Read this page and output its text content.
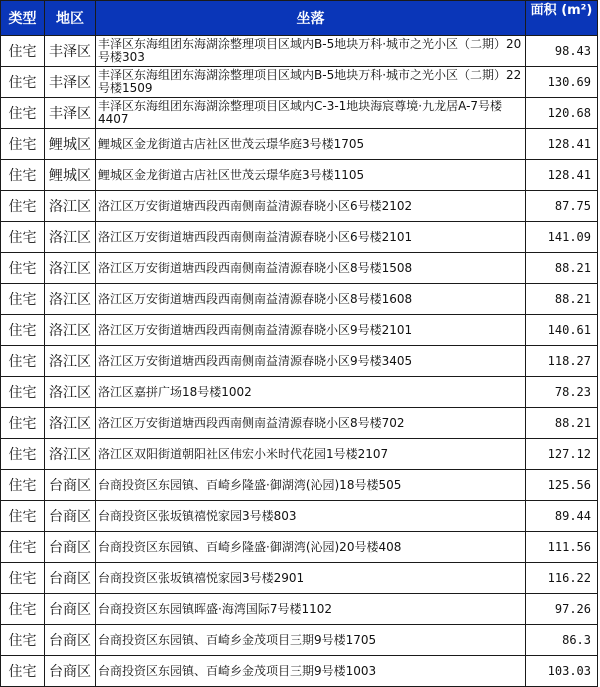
类型	地区	坐落	面积 (m²)
住宅	丰泽区	丰泽区东海组团东海湖涂整理项目区域内B-5地块万科·城市之光小区（二期）20号楼303	98.43
住宅	丰泽区	丰泽区东海组团东海湖涂整理项目区域内B-5地块万科·城市之光小区（二期）22号楼1509	130.69
住宅	丰泽区	丰泽区东海组团东海湖涂整理项目区域内C-3-1地块海宸尊境·九龙居A-7号楼4407	120.68
住宅	鲤城区	鲤城区金龙街道古店社区世茂云璟华庭3号楼1705	128.41
住宅	鲤城区	鲤城区金龙街道古店社区世茂云璟华庭3号楼1105	128.41
住宅	洛江区	洛江区万安街道塘西段西南侧南益清源春晓小区6号楼2102	87.75
住宅	洛江区	洛江区万安街道塘西段西南侧南益清源春晓小区6号楼2101	141.09
住宅	洛江区	洛江区万安街道塘西段西南侧南益清源春晓小区8号楼1508	88.21
住宅	洛江区	洛江区万安街道塘西段西南侧南益清源春晓小区8号楼1608	88.21
住宅	洛江区	洛江区万安街道塘西段西南侧南益清源春晓小区9号楼2101	140.61
住宅	洛江区	洛江区万安街道塘西段西南侧南益清源春晓小区9号楼3405	118.27
住宅	洛江区	洛江区嘉拼广场18号楼1002	78.23
住宅	洛江区	洛江区万安街道塘西段西南侧南益清源春晓小区8号楼702	88.21
住宅	洛江区	洛江区双阳街道朝阳社区伟宏小米时代花园1号楼2107	127.12
住宅	台商区	台商投资区东园镇、百崎乡隆盛·御湖湾(沁园)18号楼505	125.56
住宅	台商区	台商投资区张坂镇禧悦家园3号楼803	89.44
住宅	台商区	台商投资区东园镇、百崎乡隆盛·御湖湾(沁园)20号楼408	111.56
住宅	台商区	台商投资区张坂镇禧悦家园3号楼2901	116.22
住宅	台商区	台商投资区东园镇晖盛·海湾国际7号楼1102	97.26
住宅	台商区	台商投资区东园镇、百崎乡金茂项目三期9号楼1705	86.3
住宅	台商区	台商投资区东园镇、百崎乡金茂项目三期9号楼1003	103.03
